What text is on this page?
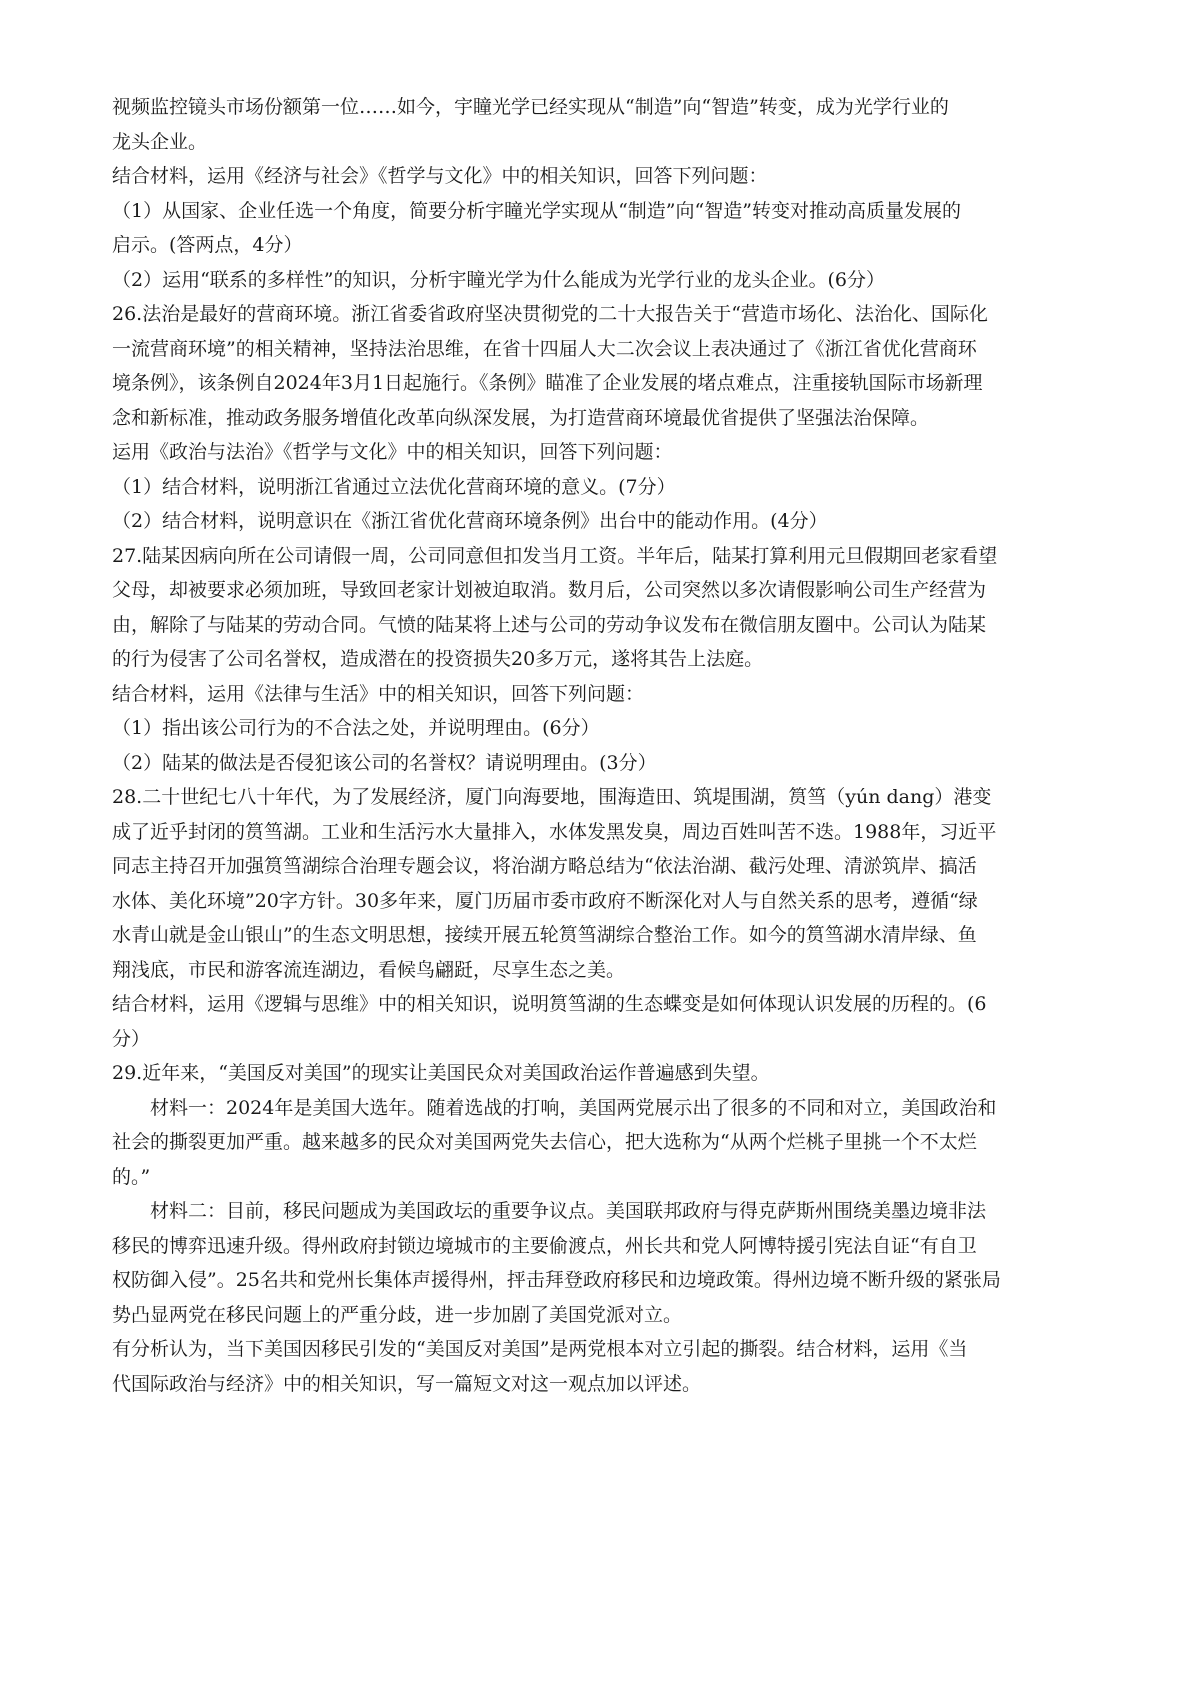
视频监控镜头市场份额第一位……如今，宇瞳光学已经实现从“制造”向“智造”转变，成为光学行业的
龙头企业。
结合材料，运用《经济与社会》《哲学与文化》中的相关知识，回答下列问题：
（1）从国家、企业任选一个角度，简要分析宇瞳光学实现从“制造”向“智造”转变对推动高质量发展的
启示。(答两点，4分）
（2）运用“联系的多样性”的知识，分析宇瞳光学为什么能成为光学行业的龙头企业。(6分）
26.法治是最好的营商环境。浙江省委省政府坚决贯彻党的二十大报告关于“营造市场化、法治化、国际化
一流营商环境”的相关精神，坚持法治思维，在省十四届人大二次会议上表决通过了《浙江省优化营商环
境条例》，该条例自2024年3月1日起施行。《条例》瞄准了企业发展的堵点难点，注重接轨国际市场新理
念和新标准，推动政务服务增值化改革向纵深发展，为打造营商环境最优省提供了坚强法治保障。
运用《政治与法治》《哲学与文化》中的相关知识，回答下列问题：
（1）结合材料，说明浙江省通过立法优化营商环境的意义。(7分）
（2）结合材料，说明意识在《浙江省优化营商环境条例》出台中的能动作用。(4分）
27.陆某因病向所在公司请假一周，公司同意但扣发当月工资。半年后，陆某打算利用元旦假期回老家看望
父母，却被要求必须加班，导致回老家计划被迫取消。数月后，公司突然以多次请假影响公司生产经营为
由，解除了与陆某的劳动合同。气愤的陆某将上述与公司的劳动争议发布在微信朋友圈中。公司认为陆某
的行为侵害了公司名誉权，造成潜在的投资损失20多万元，遂将其告上法庭。
结合材料，运用《法律与生活》中的相关知识，回答下列问题：
（1）指出该公司行为的不合法之处，并说明理由。(6分）
（2）陆某的做法是否侵犯该公司的名誉权？请说明理由。(3分）
28.二十世纪七八十年代，为了发展经济，厦门向海要地，围海造田、筑堤围湖，筼筜（yún dang）港变
成了近乎封闭的筼筜湖。工业和生活污水大量排入，水体发黑发臭，周边百姓叫苦不迭。1988年，习近平
同志主持召开加强筼筜湖综合治理专题会议，将治湖方略总结为“依法治湖、截污处理、清淤筑岸、搞活
水体、美化环境”20字方针。30多年来，厦门历届市委市政府不断深化对人与自然关系的思考，遵循“绿
水青山就是金山银山”的生态文明思想，接续开展五轮筼筜湖综合整治工作。如今的筼筜湖水清岸绿、鱼
翔浅底，市民和游客流连湖边，看候鸟翩跹，尽享生态之美。
结合材料，运用《逻辑与思维》中的相关知识，说明筼筜湖的生态蝶变是如何体现认识发展的历程的。(6
分）
29.近年来，“美国反对美国”的现实让美国民众对美国政治运作普遍感到失望。
材料一：2024年是美国大选年。随着选战的打响，美国两党展示出了很多的不同和对立，美国政治和
社会的撕裂更加严重。越来越多的民众对美国两党失去信心，把大选称为“从两个烂桃子里挑一个不太烂
的。”
材料二：目前，移民问题成为美国政坛的重要争议点。美国联邦政府与得克萨斯州围绕美墨边境非法
移民的博弈迅速升级。得州政府封锁边境城市的主要偷渡点，州长共和党人阿博特援引宪法自证“有自卫
权防御入侵”。25名共和党州长集体声援得州，抨击拜登政府移民和边境政策。得州边境不断升级的紧张局
势凸显两党在移民问题上的严重分歧，进一步加剧了美国党派对立。
有分析认为，当下美国因移民引发的“美国反对美国”是两党根本对立引起的撕裂。结合材料，运用《当
代国际政治与经济》中的相关知识，写一篇短文对这一观点加以评述。
